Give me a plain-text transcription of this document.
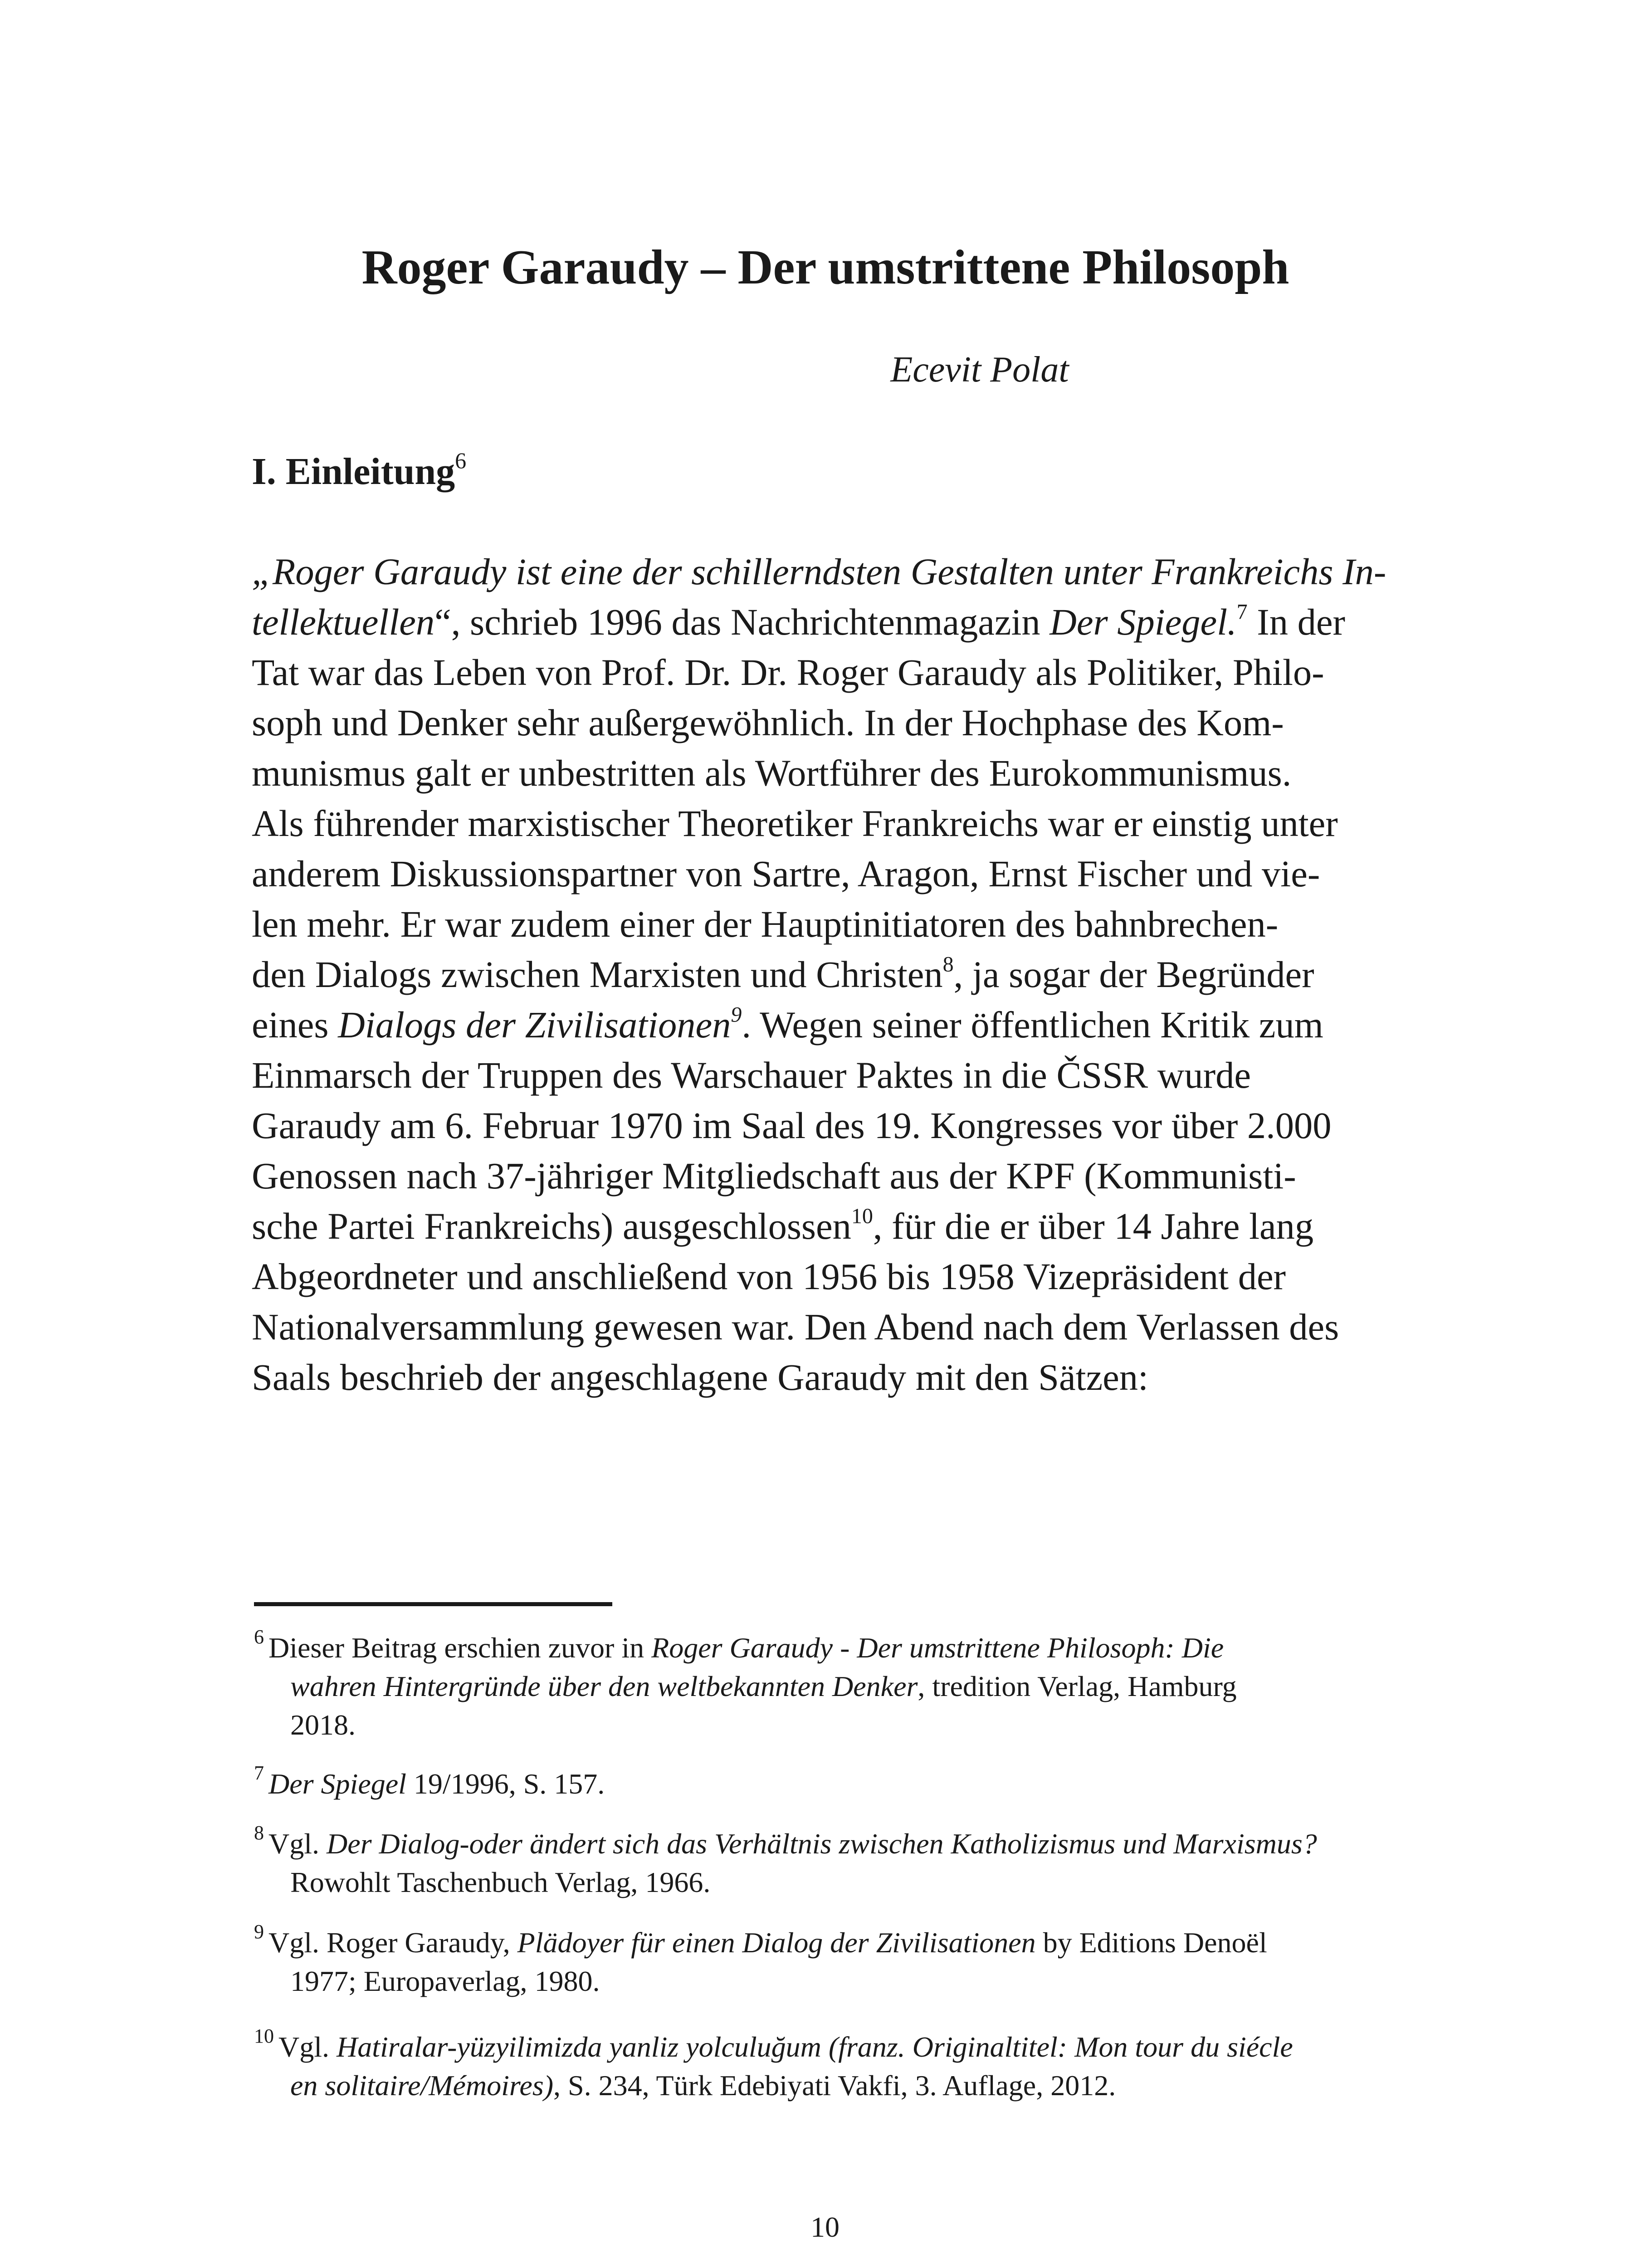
Roger Garaudy – Der umstrittene Philosoph
Ecevit Polat
I. Einleitung$^6$
„Roger Garaudy ist eine der schillerndsten Gestalten unter Frankreichs In-
tellektuellen“, schrieb 1996 das Nachrichtenmagazin Der Spiegel.$^7$ In der
Tat war das Leben von Prof. Dr. Dr. Roger Garaudy als Politiker, Philo-
soph und Denker sehr außergewöhnlich. In der Hochphase des Kom-
munismus galt er unbestritten als Wortführer des Eurokommunismus.
Als führender marxistischer Theoretiker Frankreichs war er einstig unter
anderem Diskussionspartner von Sartre, Aragon, Ernst Fischer und vie-
len mehr. Er war zudem einer der Hauptinitiatoren des bahnbrechen-
den Dialogs zwischen Marxisten und Christen$^8$, ja sogar der Begründer
eines Dialogs der Zivilisationen$^9$. Wegen seiner öffentlichen Kritik zum
Einmarsch der Truppen des Warschauer Paktes in die ČSSR wurde
Garaudy am 6. Februar 1970 im Saal des 19. Kongresses vor über 2.000
Genossen nach 37-jähriger Mitgliedschaft aus der KPF (Kommunisti-
sche Partei Frankreichs) ausgeschlossen$^{10}$, für die er über 14 Jahre lang
Abgeordneter und anschließend von 1956 bis 1958 Vizepräsident der
Nationalversammlung gewesen war. Den Abend nach dem Verlassen des
Saals beschrieb der angeschlagene Garaudy mit den Sätzen:
$^6$ Dieser Beitrag erschien zuvor in Roger Garaudy - Der umstrittene Philosoph: Die
wahren Hintergründe über den weltbekannten Denker, tredition Verlag, Hamburg
2018.
$^7$ Der Spiegel 19/1996, S. 157.
$^8$ Vgl. Der Dialog-oder ändert sich das Verhältnis zwischen Katholizismus und Marxismus?
Rowohlt Taschenbuch Verlag, 1966.
$^9$ Vgl. Roger Garaudy, Plädoyer für einen Dialog der Zivilisationen by Editions Denoël
1977; Europaverlag, 1980.
$^{10}$ Vgl. Hatiralar-yüzyilimizda yanliz yolculuğum (franz. Originaltitel: Mon tour du siécle
en solitaire/Mémoires), S. 234, Türk Edebiyati Vakfi, 3. Auflage, 2012.
10
